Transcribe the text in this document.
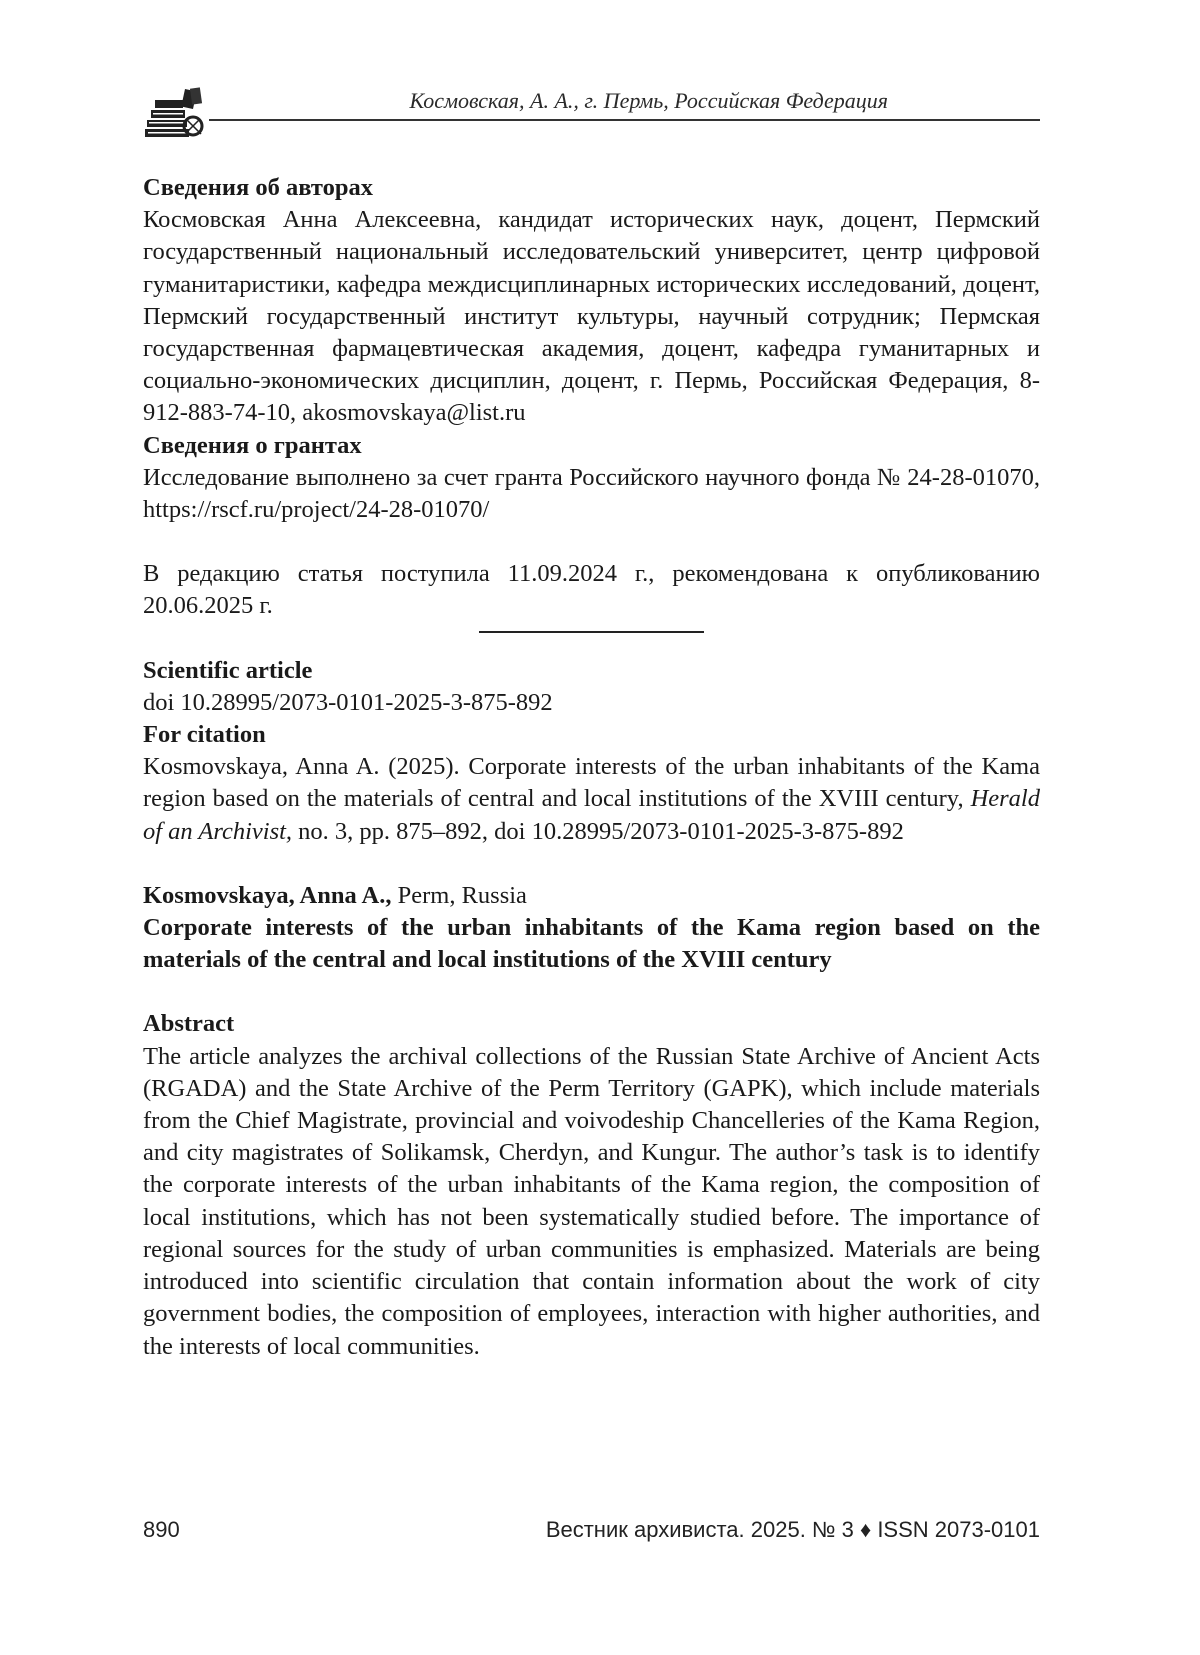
Космовская, А. А., г. Пермь, Российская Федерация
Сведения об авторах
Космовская Анна Алексеевна, кандидат исторических наук, доцент, Пермский государственный национальный исследовательский университет, центр цифровой гуманитаристики, кафедра междисциплинарных исторических исследований, доцент, Пермский государственный институт культуры, научный сотрудник; Пермская государственная фармацевтическая академия, доцент, кафедра гуманитарных и социально-экономических дисциплин, доцент, г. Пермь, Российская Федерация, 8-912-883-74-10, akosmovskaya@list.ru
Сведения о грантах
Исследование выполнено за счет гранта Российского научного фонда № 24-28-01070, https://rscf.ru/project/24-28-01070/
В редакцию статья поступила 11.09.2024 г., рекомендована к опубликованию 20.06.2025 г.
Scientific article
doi 10.28995/2073-0101-2025-3-875-892
For citation
Kosmovskaya, Anna A. (2025). Corporate interests of the urban inhabitants of the Kama region based on the materials of central and local institutions of the XVIII century, Herald of an Archivist, no. 3, pp. 875–892, doi 10.28995/2073-0101-2025-3-875-892
Kosmovskaya, Anna A., Perm, Russia
Corporate interests of the urban inhabitants of the Kama region based on the materials of the central and local institutions of the XVIII century
Abstract
The article analyzes the archival collections of the Russian State Archive of Ancient Acts (RGADA) and the State Archive of the Perm Territory (GAPK), which include materials from the Chief Magistrate, provincial and voivodeship Chancelleries of the Kama Region, and city magistrates of Solikamsk, Cherdyn, and Kungur. The author’s task is to identify the corporate interests of the urban inhabitants of the Kama region, the composition of local institutions, which has not been systematically studied before. The importance of regional sources for the study of urban communities is emphasized. Materials are being introduced into scientific circulation that contain information about the work of city government bodies, the composition of employees, interaction with higher authorities, and the interests of local communities.
890	Вестник архивиста. 2025. № 3 ♦ ISSN 2073-0101
